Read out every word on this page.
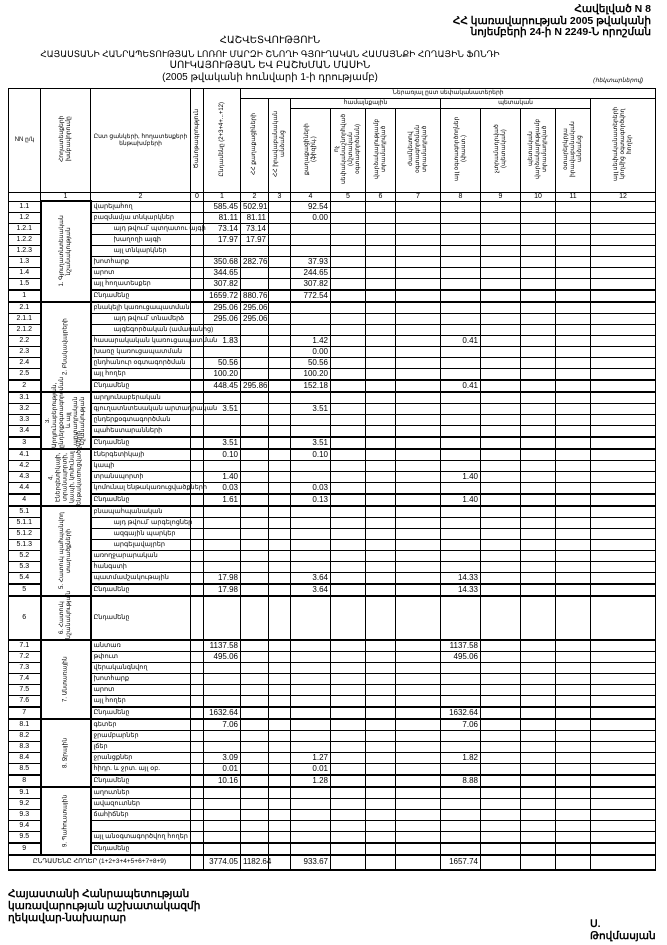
Հավելված N 8
ՀՀ կառավարության 2005 թվականի
նոյեմբերի 24-ի N 2249-Ն որոշման
ՀԱՇՎԵՏՎՈՒԹՅՈՒՆ
ՀԱՅԱՍՏԱՆԻ ՀԱՆՐԱՊԵՏՈՒԹՅԱՆ ԼՈՌՈՒ ՄԱՐԶԻ ՇՆՈՂԻ ԳՅՈՒՂԱԿԱՆ ՀԱՄԱՅՆՔԻ ՀՈՂԱՅԻՆ ՖՈՆԴԻ
ՍՈՒԿԱՅՈՒԹՅԱՆ ԵՎ ԲԱՇԽՄԱՆ ՄԱՍԻՆ
(2005 թվականի հունվարի 1-ի դրությամբ)	(հեկտարներով)
NN ը/կ	Հողատեսքերի խմբավորումը	Ըստ ցանկերի, հողատեսքերի ենթախմբերի	Ծանոթագրություն	Ընդամենը (2+3+4+...+12)	Ներառյալ ըստ սեփականատերերի										
					ՀՀ քաղաքացիների	ՀՀ իրավաբանական անձանց	համայնքային				պետական				այլ սեփականատերերի կողմից օգտագործվող հողեր
							քաղաքացիների (ֆիզիկ.)	ոչ սեփականաշնորհված (մշտական օգտագործման)	վարձակալությամբ տրամադրված	ժամկետով օգտագործման տրամադրված	այլ օգտագործողներ (փաստ.)	չտրամադրված (պետական)	պետական վարձակալությամբ տրամադրված	օտարերկրյա իրավաբանական անձանց	
	1	2	0	1	2	3	4	5	6	7	8	9	10	11	12
1.1	1. Գյուղատնտեսական նշանակության	վարելահող		585.45	502.91		92.54								
1.2		բազմամյա տնկարկներ		81.11	81.11		0.00								
1.2.1		այդ թվում՝ պտղատու այգի		73.14	73.14										
1.2.2		խաղողի այգի		17.97	17.97										
1.2.3		այլ տնկարկներ													
1.3		խոտհարք		350.68	282.76		37.93								
1.4		արոտ		344.65			244.65								
1.5		այլ հողատեսքեր		307.82			307.82								
1		Ընդամենը		1659.72	880.76		772.54								
2.1	2. Բնակավայրերի	բնակելի կառուցապատման		295.06	295.06										
2.1.1		այդ թվում՝ տնամերձ		295.06	295.06										
2.1.2		այգեգործական (ամառանոց)													
2.2		հասարակական կառուցապատման		1.83			1.42				0.41				
2.3		խառը կառուցապատման					0.00								
2.4		ընդհանուր օգտագործման		50.56			50.56								
2.5		այլ հողեր		100.20			100.20								
2		Ընդամենը		448.45	295.86		152.18				0.41				
3.1	3. Արդյունաբերության, ընդերքօգտագործման և այլ արտադրական նշանակության	արդյունաբերական													
3.2		գյուղատնտեսական արտադրական		3.51			3.51								
3.3		ընդերքօգտագործման													
3.4		պահեստարանների													
3		Ընդամենը		3.51			3.51								
4.1	4. Էներգետիկայի, տրանսպորտի, կապի, կոմունալ ենթակառուցվածքների	էներգետիկայի		0.10			0.10								
4.2		կապի													
4.3		տրանսպորտի		1.40							1.40				
4.4		կոմունալ ենթակառուցվածքների		0.03			0.03								
4		Ընդամենը		1.61			0.13				1.40				
5.1	5. Հատուկ պահպանվող տարածքների	բնապահպանական													
5.1.1		այդ թվում՝ արգելոցներ													
5.1.2		ազգային պարկեր													
5.1.3		արգելավայրեր													
5.2		առողջարարական													
5.3		հանգստի													
5.4		պատմամշակութային		17.98			3.64				14.33				
5		Ընդամենը		17.98			3.64				14.33				
6	6. Հատուկ նշանակության	Ընդամենը													
7.1	7. Անտառային	անտառ		1137.58							1137.58				
7.2		թփուտ		495.06							495.06				
7.3		վերականգնվող													
7.4		խոտհարք													
7.5		արոտ													
7.6		այլ հողեր													
7		Ընդամենը		1632.64							1632.64				
8.1	8. Ջրային	գետեր		7.06							7.06				
8.2		ջրամբարներ													
8.3		լճեր													
8.4		ջրանցքներ		3.09			1.27				1.82				
8.5		հիդր. և ջրտ. այլ օբ.		0.01			0.01								
8		Ընդամենը		10.16			1.28				8.88				
9.1	9. Պահուստային	աղուտներ													
9.2		ավազուտներ													
9.3		ճահիճներ													
9.4															
9.5		այլ անօգտագործվող հողեր													
9		Ընդամենը													
ԸՆԴԱՄԵՆԸ ՀՈՂԵՐ (1+2+3+4+5+6+7+8+9)				3774.05	1182.64		933.67				1657.74				
Հայաստանի Հանրապետության
կառավարության աշխատակազմի
ղեկավար-նախարար	Ս. Թովմասյան
